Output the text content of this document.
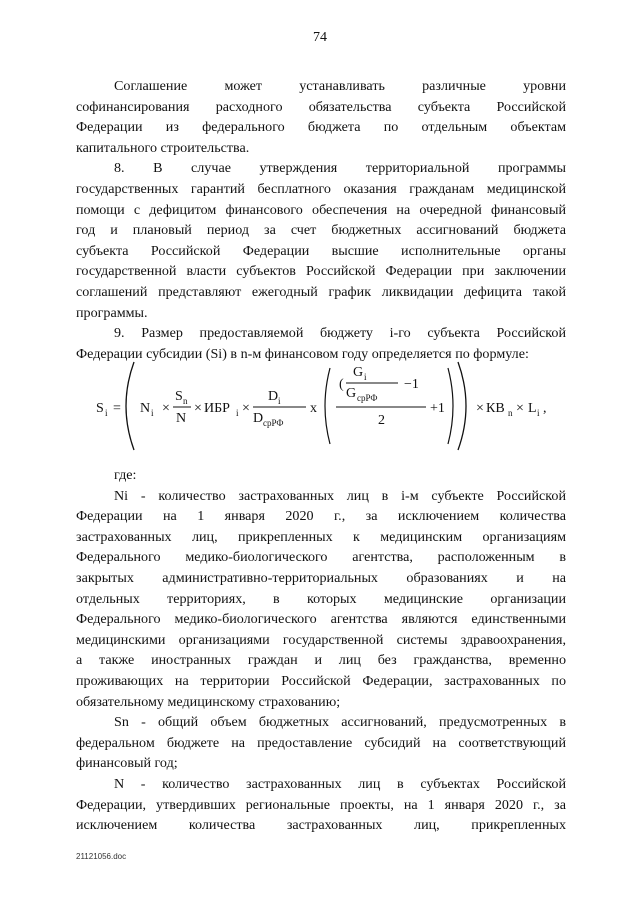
74

Соглашение может устанавливать различные уровни

софинансирования расходного обязательства субъекта Российской

Федерации из федерального бюджета по отдельным объектам

капитального строительства.

8. В случае утверждения территориальной программы

государственных гарантий бесплатного оказания гражданам медицинской

помощи с дефицитом финансового обеспечения на очередной финансовый

год и плановый период за счет бюджетных ассигнований бюджета

субъекта Российской Федерации высшие исполнительные органы

государственной власти субъектов Российской Федерации при заключении

соглашений представляют ежегодный график ликвидации дефицита такой

программы.

9. Размер предоставляемой бюджету i-го субъекта Российской

Федерации субсидии (Si) в n-м финансовом году определяется по формуле:

S i = N i ×
S n
N
× ИБР i ×
D i
D срРФ
x
(
G i
G срРФ
−1
2
+1 × КВ n × L i ,

где:

Ni - количество застрахованных лиц в i-м субъекте Российской

Федерации на 1 января 2020 г., за исключением количества

застрахованных лиц, прикрепленных к медицинским организациям

Федерального медико-биологического агентства, расположенным в

закрытых административно-территориальных образованиях и на

отдельных территориях, в которых медицинские организации

Федерального медико-биологического агентства являются единственными

медицинскими организациями государственной системы здравоохранения,

а также иностранных граждан и лиц без гражданства, временно

проживающих на территории Российской Федерации, застрахованных по

обязательному медицинскому страхованию;

Sn - общий объем бюджетных ассигнований, предусмотренных в

федеральном бюджете на предоставление субсидий на соответствующий

финансовый год;

N - количество застрахованных лиц в субъектах Российской

Федерации, утвердивших региональные проекты, на 1 января 2020 г., за

исключением количества застрахованных лиц, прикрепленных

21121056.doc
